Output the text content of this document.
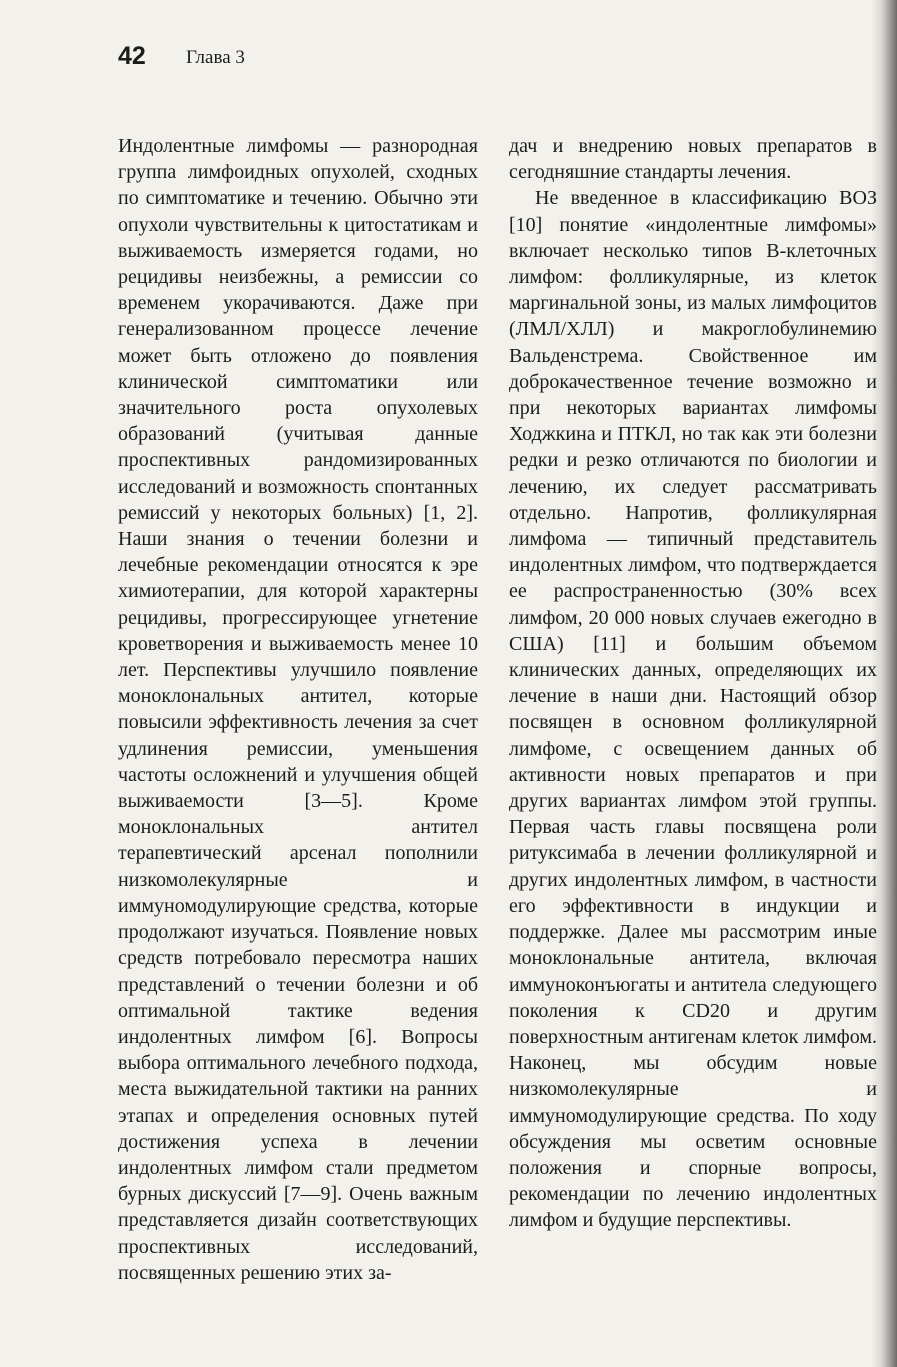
42 Глава 3

Индолентные лимфомы — разнородная группа лимфоидных опухолей, сходных по симптоматике и течению. Обычно эти опухоли чувствительны к цитостатикам и выживаемость измеряется годами, но рецидивы неизбежны, а ремиссии со временем укорачиваются. Даже при генерализованном процессе лечение может быть отложено до появления клинической симптоматики или значительного роста опухолевых образований (учитывая данные проспективных рандомизированных исследований и возможность спонтанных ремиссий у некоторых больных) [1, 2]. Наши знания о течении болезни и лечебные рекомендации относятся к эре химиотерапии, для которой характерны рецидивы, прогрессирующее угнетение кроветворения и выживаемость менее 10 лет. Перспективы улучшило появление моноклональных антител, которые повысили эффективность лечения за счет удлинения ремиссии, уменьшения частоты осложнений и улучшения общей выживаемости [3—5]. Кроме моноклональных антител терапевтический арсенал пополнили низкомолекулярные и иммуномодулирующие средства, которые продолжают изучаться. Появление новых средств потребовало пересмотра наших представлений о течении болезни и об оптимальной тактике ведения индолентных лимфом [6]. Вопросы выбора оптимального лечебного подхода, места выжидательной тактики на ранних этапах и определения основных путей достижения успеха в лечении индолентных лимфом стали предметом бурных дискуссий [7—9]. Очень важным представляется дизайн соответствующих проспективных исследований, посвященных решению этих за-

дач и внедрению новых препаратов в сегодняшние стандарты лечения.

Не введенное в классификацию ВОЗ [10] понятие «индолентные лимфомы» включает несколько типов В-клеточных лимфом: фолликулярные, из клеток маргинальной зоны, из малых лимфоцитов (ЛМЛ/ХЛЛ) и макроглобулинемию Вальденстрема. Свойственное им доброкачественное течение возможно и при некоторых вариантах лимфомы Ходжкина и ПТКЛ, но так как эти болезни редки и резко отличаются по биологии и лечению, их следует рассматривать отдельно. Напротив, фолликулярная лимфома — типичный представитель индолентных лимфом, что подтверждается ее распространенностью (30% всех лимфом, 20 000 новых случаев ежегодно в США) [11] и большим объемом клинических данных, определяющих их лечение в наши дни. Настоящий обзор посвящен в основном фолликулярной лимфоме, с освещением данных об активности новых препаратов и при других вариантах лимфом этой группы. Первая часть главы посвящена роли ритуксимаба в лечении фолликулярной и других индолентных лимфом, в частности его эффективности в индукции и поддержке. Далее мы рассмотрим иные моноклональные антитела, включая иммуноконъюгаты и антитела следующего поколения к CD20 и другим поверхностным антигенам клеток лимфом. Наконец, мы обсудим новые низкомолекулярные и иммуномодулирующие средства. По ходу обсуждения мы осветим основные положения и спорные вопросы, рекомендации по лечению индолентных лимфом и будущие перспективы.
